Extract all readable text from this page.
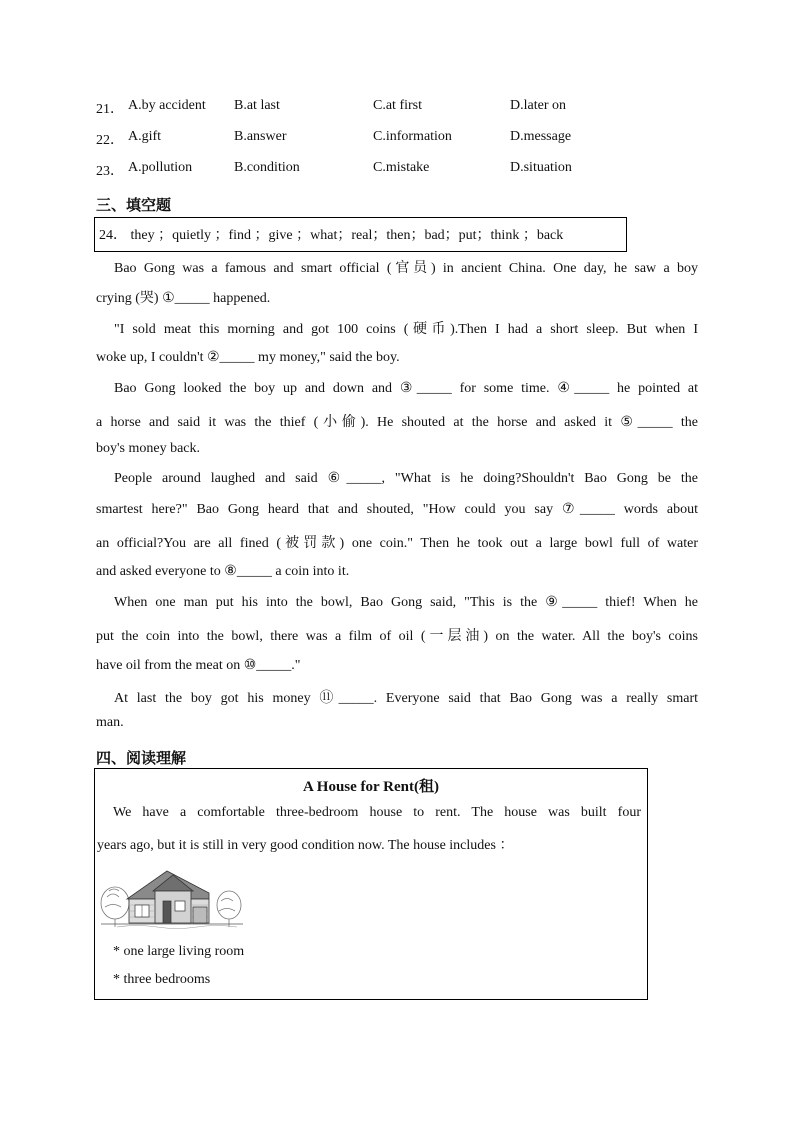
21． A.by accident B.at last	C.at first	D.later on
22． A.gift	B.answer	C.information	D.message
23． A.pollution	B.condition	C.mistake	D.situation
三、填空题
24． they ；quietly ；find ；give ；what；real；then；bad；put；think ；back
Bao Gong was a famous and smart official (官员) in ancient China. One day, he saw a boy
crying (哭) ①_____ happened.
"I sold meat this morning and got 100 coins (硬币).Then I had a short sleep. But when I
woke up, I couldn't ②_____ my money," said the boy.
Bao Gong looked the boy up and down and ③_____ for some time. ④_____ he pointed at
a horse and said it was the thief (小偷). He shouted at the horse and asked it ⑤_____ the
boy's money back.
People around laughed and said ⑥_____, "What is he doing?Shouldn't Bao Gong be the
smartest here?" Bao Gong heard that and shouted, "How could you say ⑦_____ words about
an official?You are all fined (被罚款) one coin." Then he took out a large bowl full of water
and asked everyone to ⑧_____ a coin into it.
When one man put his into the bowl, Bao Gong said, "This is the ⑨_____ thief! When he
put the coin into the bowl, there was a film of oil (一层油) on the water. All the boy's coins
have oil from the meat on ⑩_____."
At last the boy got his money ⑪_____. Everyone said that Bao Gong was a really smart
man.
四、阅读理解
A House for Rent(租)
We have a comfortable three-bedroom house to rent. The house was built four
years ago, but it is still in very good condition now. The house includes ：
* one large living room
* three bedrooms
